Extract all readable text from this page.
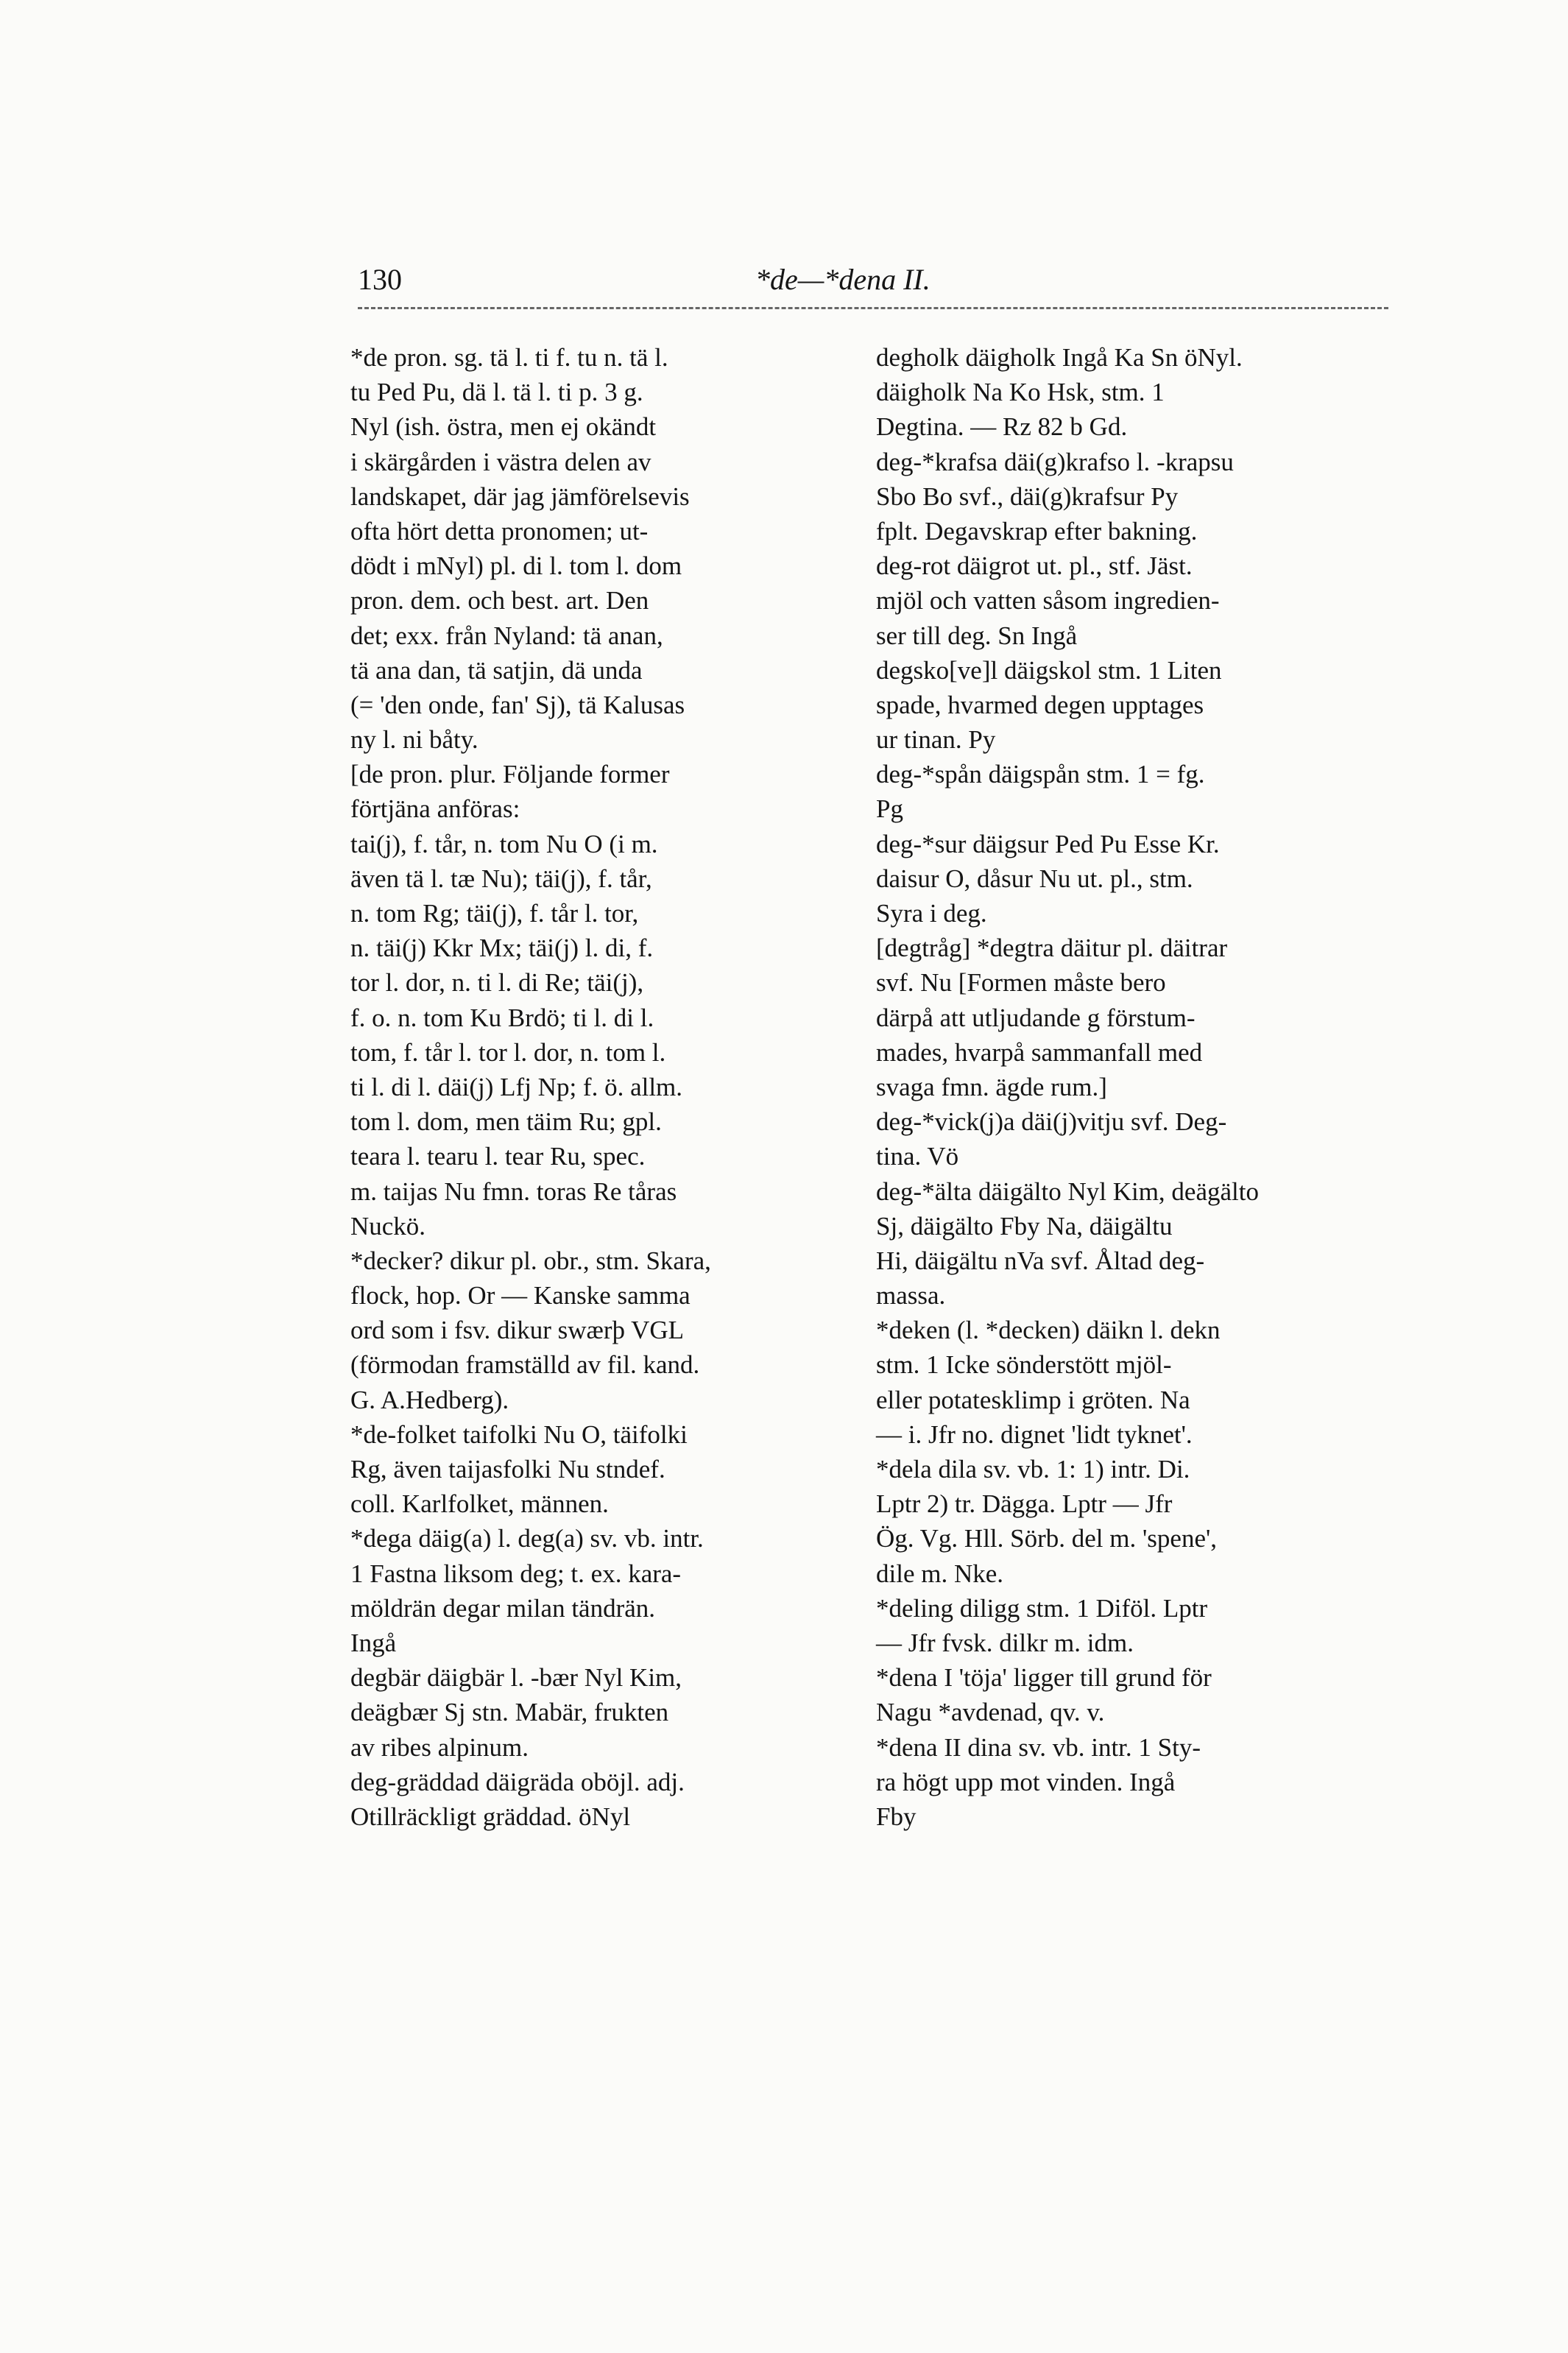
130	*de—*dena II.
*de pron. sg. tä l. ti f. tu n. tä l.
tu Ped Pu, dä l. tä l. ti p. 3 g.
Nyl (ish. östra, men ej okändt
i skärgården i västra delen av
landskapet, där jag jämförelsevis
ofta hört detta pronomen; ut-
dödt i mNyl) pl. di l. tom l. dom
pron. dem. och best. art. Den
det; exx. från Nyland: tä anan,
tä ana dan, tä satjin, dä unda
(= 'den onde, fan' Sj), tä Kalusas
ny l. ni båty.
[de pron. plur. Följande former
förtjäna anföras:
tai(j), f. tår, n. tom Nu O (i m.
även tä l. tæ Nu); täi(j), f. tår,
n. tom Rg; täi(j), f. tår l. tor,
n. täi(j) Kkr Mx; täi(j) l. di, f.
tor l. dor, n. ti l. di Re; täi(j),
f. o. n. tom Ku Brdö; ti l. di l.
tom, f. tår l. tor l. dor, n. tom l.
ti l. di l. däi(j) Lfj Np; f. ö. allm.
tom l. dom, men täim Ru; gpl.
teara l. tearu l. tear Ru, spec.
m. taijas Nu fmn. toras Re tåras
Nuckö.
*decker? dikur pl. obr., stm. Skara,
flock, hop. Or — Kanske samma
ord som i fsv. dikur swærþ VGL
(förmodan framställd av fil. kand.
G. A.Hedberg).
*de-folket taifolki Nu O, täifolki
Rg, även taijasfolki Nu stndef.
coll. Karlfolket, männen.
*dega däig(a) l. deg(a) sv. vb. intr.
1 Fastna liksom deg; t. ex. kara-
möldrän degar milan tändrän.
Ingå
degbär däigbär l. -bær Nyl Kim,
deägbær Sj stn. Mabär, frukten
av ribes alpinum.
deg-gräddad däigrädа oböjl. adj.
Otillräckligt gräddad. öNyl
degholk däigholk Ingå Ka Sn öNyl.
däigholk Na Ko Hsk, stm. 1
Degtina. — Rz 82 b Gd.
deg-*krafsa däi(g)krafso l. -krapsu
Sbo Bo svf., däi(g)krafsur Py
fplt. Degavskrap efter bakning.
deg-rot däigrot ut. pl., stf. Jäst.
mjöl och vatten såsom ingredien-
ser till deg. Sn Ingå
degsko[ve]l däigskol stm. 1 Liten
spade, hvarmed degen upptages
ur tinan. Py
deg-*spån däigspån stm. 1 = fg.
Pg
deg-*sur däigsur Ped Pu Esse Kr.
daisur O, dåsur Nu ut. pl., stm.
Syra i deg.
[degtråg] *degtra däitur pl. däitrar
svf. Nu [Formen måste bero
därpå att utljudande g förstum-
mades, hvarpå sammanfall med
svaga fmn. ägde rum.]
deg-*vick(j)a däi(j)vitju svf. Deg-
tina. Vö
deg-*älta däigälto Nyl Kim, deägälto
Sj, däigälto Fby Na, däigältu
Hi, däigältu nVa svf. Åltad deg-
massa.
*deken (l. *decken) däikn l. dekn
stm. 1 Icke sönderstött mjöl-
eller potatesklimp i gröten. Na
— i. Jfr no. dignet 'lidt tyknet'.
*dela dila sv. vb. 1: 1) intr. Di.
Lptr 2) tr. Dägga. Lptr — Jfr
Ög. Vg. Hll. Sörb. del m. 'spene',
dile m. Nke.
*deling diligg stm. 1 Diföl. Lptr
— Jfr fvsk. dilkr m. idm.
*dena I 'töja' ligger till grund för
Nagu *avdenad, qv. v.
*dena II dina sv. vb. intr. 1 Sty-
ra högt upp mot vinden. Ingå
Fby
